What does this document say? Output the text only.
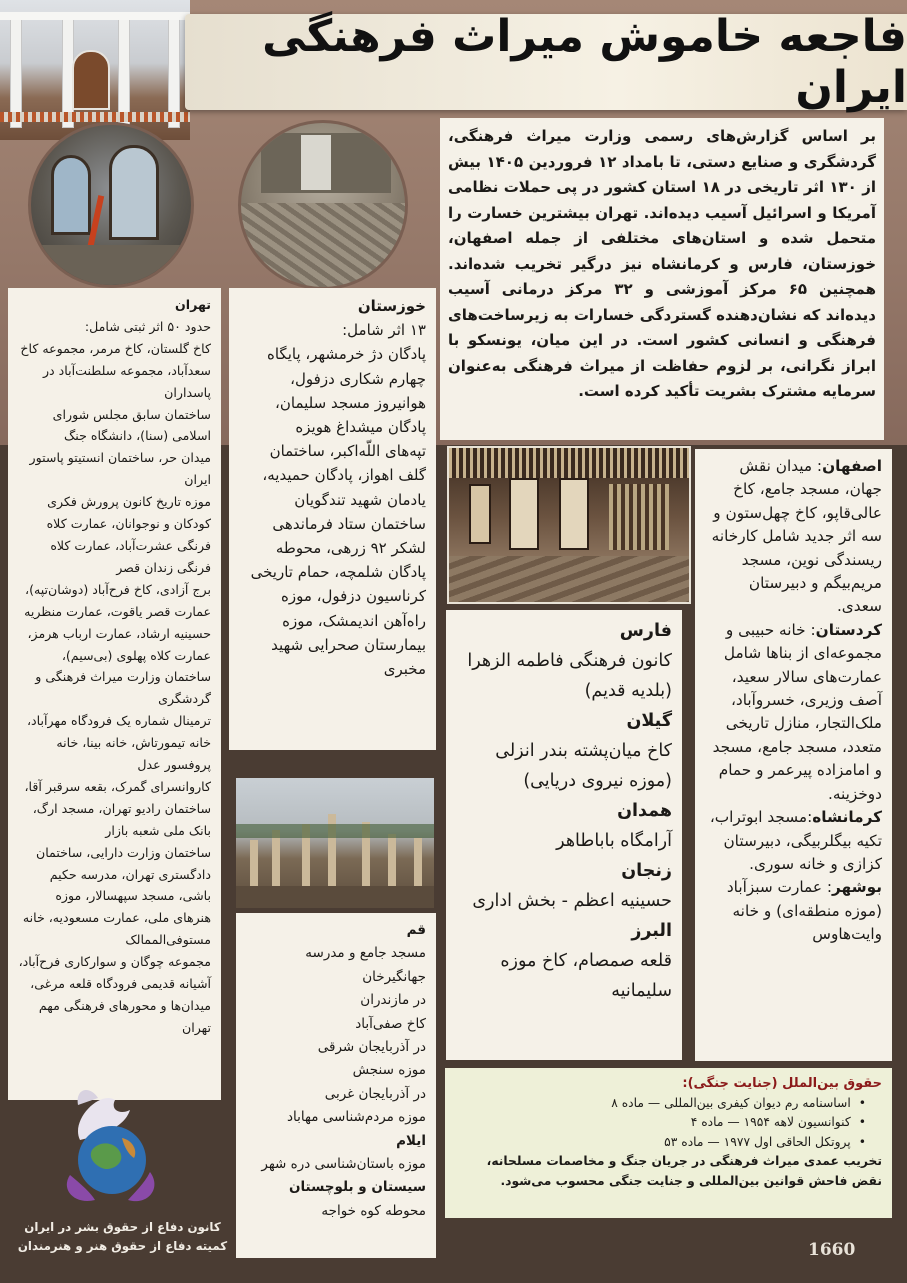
فاجعه خاموش میراث فرهنگی ایران
بر اساس گزارش‌های رسمی وزارت میراث فرهنگی، گردشگری و صنایع دستی، تا بامداد ۱۲ فروردین ۱۴۰۵ بیش از ۱۳۰ اثر تاریخی در ۱۸ استان کشور در پی حملات نظامی آمریکا و اسرائیل آسیب دیده‌اند. تهران بیشترین خسارت را متحمل شده و استان‌های مختلفی از جمله اصفهان، خوزستان، فارس و کرمانشاه نیز درگیر تخریب شده‌اند. همچنین ۶۵ مرکز آموزشی و ۳۲ مرکز درمانی آسیب دیده‌اند که نشان‌دهنده گستردگی خسارات به زیرساخت‌های فرهنگی و انسانی کشور است. در این میان، یونسکو با ابراز نگرانی، بر لزوم حفاظت از میراث فرهنگی به‌عنوان سرمایه مشترک بشریت تأکید کرده است.
تهران
حدود ۵۰ اثر ثبتی شامل:
کاخ گلستان، کاخ مرمر، مجموعه کاخ سعدآباد، مجموعه سلطنت‌آباد در پاسداران
ساختمان سابق مجلس شورای اسلامی (سنا)، دانشگاه جنگ
میدان حر، ساختمان انستیتو پاستور ایران
موزه تاریخ کانون پرورش فکری کودکان و نوجوانان، عمارت کلاه فرنگی عشرت‌آباد، عمارت کلاه فرنگی زندان قصر
برج آزادی، کاخ فرح‌آباد (دوشان‌تپه)، عمارت قصر یاقوت، عمارت منظریه
حسینیه ارشاد، عمارت ارباب هرمز، عمارت کلاه پهلوی (بی‌سیم)، ساختمان وزارت میراث فرهنگی و گردشگری
ترمینال شماره یک فرودگاه مهرآباد، خانه تیمورتاش، خانه بینا، خانه پروفسور عدل
کاروانسرای گمرک، بقعه سرقبر آقا، ساختمان رادیو تهران، مسجد ارگ، بانک ملی شعبه بازار
ساختمان وزارت دارایی، ساختمان دادگستری تهران، مدرسه حکیم باشی، مسجد سپهسالار، موزه هنرهای ملی، عمارت مسعودیه، خانه مستوفی‌الممالک
مجموعه چوگان و سوارکاری فرح‌آباد، آشیانه قدیمی فرودگاه قلعه مرغی، میدان‌ها و محورهای فرهنگی مهم تهران
خوزستان
۱۳ اثر شامل:
پادگان دژ خرمشهر، پایگاه چهارم شکاری دزفول، هوانیروز مسجد سلیمان، پادگان میشداغ هویزه
تپه‌های اللّه‌اکبر، ساختمان گلف اهواز، پادگان حمیدیه، یادمان شهید تندگویان
ساختمان ستاد فرماندهی لشکر ۹۲ زرهی، محوطه پادگان شلمچه، حمام تاریخی کرناسیون دزفول، موزه راه‌آهن اندیمشک، موزه بیمارستان صحرایی شهید مخبری
قم
مسجد جامع و مدرسه جهانگیرخان
در مازندران
کاخ صفی‌آباد
در آذربایجان شرقی
موزه سنجش
در آذربایجان غربی
موزه مردم‌شناسی مهاباد
ایلام
موزه باستان‌شناسی دره شهر
سیستان و بلوچستان
محوطه کوه خواجه
فارس
کانون فرهنگی فاطمه الزهرا (بلدیه قدیم)
گیلان
کاخ میان‌پشته بندر انزلی (موزه نیروی دریایی)
همدان
آرامگاه باباطاهر
زنجان
حسینیه اعظم - بخش اداری
البرز
قلعه صمصام، کاخ موزه سلیمانیه
اصفهان: میدان نقش جهان، مسجد جامع، کاخ عالی‌قاپو، کاخ چهل‌ستون و سه اثر جدید شامل کارخانه ریسندگی نوین، مسجد مریم‌بیگم و دبیرستان سعدی.
کردستان: خانه حبیبی و مجموعه‌ای از بناها شامل عمارت‌های سالار سعید، آصف وزیری، خسروآباد، ملک‌التجار، منازل تاریخی متعدد، مسجد جامع، مسجد و امامزاده پیرعمر و حمام دوخزینه.
کرمانشاه:مسجد ابوتراب، تکیه بیگلربیگی، دبیرستان کزازی و خانه سوری.
بوشهر: عمارت سبزآباد (موزه منطقه‌ای) و خانه وایت‌هاوس
حقوق بین‌الملل (جنایت جنگی):
• اساسنامه رم دیوان کیفری بین‌المللی — ماده ۸
• کنوانسیون لاهه ۱۹۵۴ — ماده ۴
• پروتکل الحاقی اول ۱۹۷۷ — ماده ۵۳
تخریب عمدی میراث فرهنگی در جریان جنگ و مخاصمات مسلحانه، نقض فاحش قوانین بین‌المللی و جنایت جنگی محسوب می‌شود.
کانون دفاع از حقوق بشر در ایران
کمیته دفاع از حقوق هنر و هنرمندان	1660
